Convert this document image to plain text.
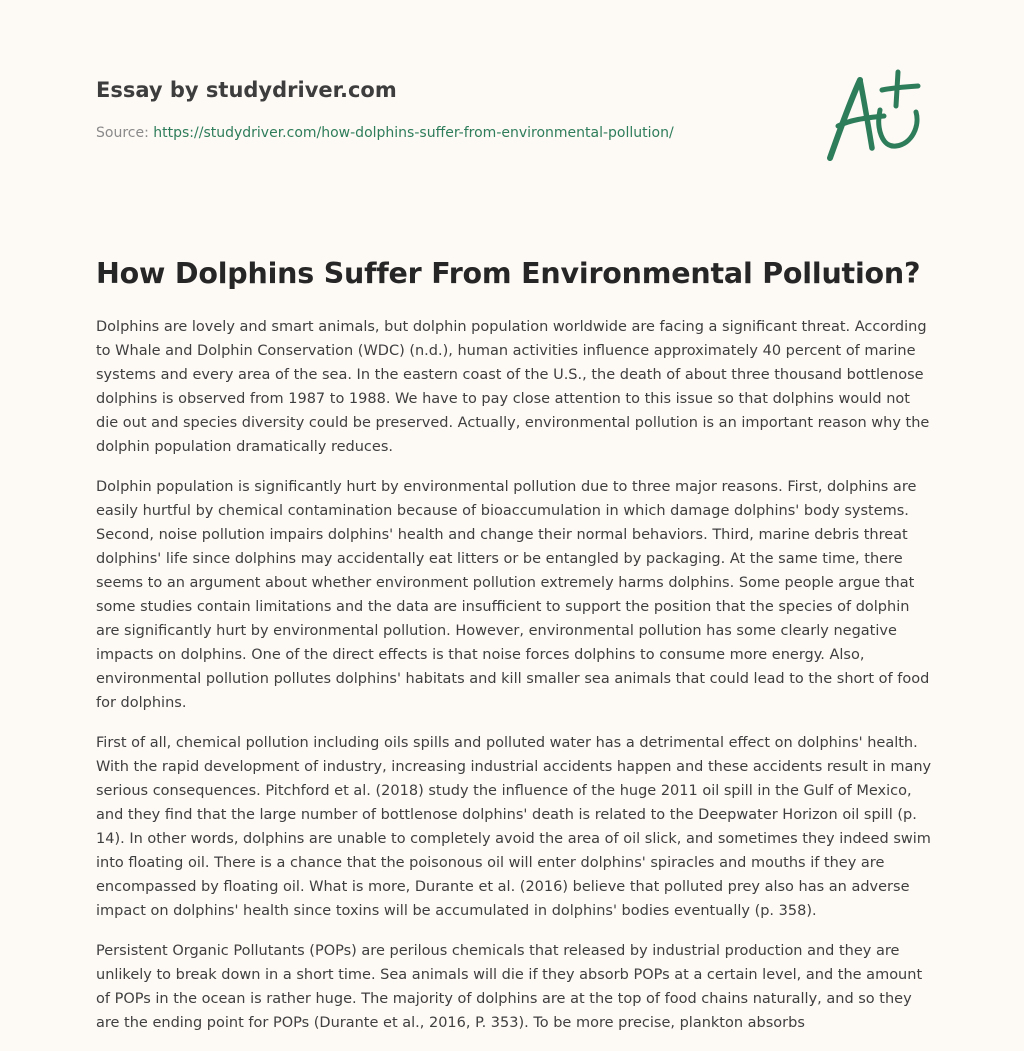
Essay by studydriver.com
Source: https://studydriver.com/how-dolphins-suffer-from-environmental-pollution/
How Dolphins Suffer From Environmental Pollution?

Dolphins are lovely and smart animals, but dolphin population worldwide are facing a significant threat. According to Whale and Dolphin Conservation (WDC) (n.d.), human activities influence approximately 40 percent of marine systems and every area of the sea. In the eastern coast of the U.S., the death of about three thousand bottlenose dolphins is observed from 1987 to 1988. We have to pay close attention to this issue so that dolphins would not die out and species diversity could be preserved. Actually, environmental pollution is an important reason why the dolphin population dramatically reduces.

Dolphin population is significantly hurt by environmental pollution due to three major reasons. First, dolphins are easily hurtful by chemical contamination because of bioaccumulation in which damage dolphins' body systems. Second, noise pollution impairs dolphins' health and change their normal behaviors. Third, marine debris threat dolphins' life since dolphins may accidentally eat litters or be entangled by packaging. At the same time, there seems to an argument about whether environment pollution extremely harms dolphins. Some people argue that some studies contain limitations and the data are insufficient to support the position that the species of dolphin are significantly hurt by environmental pollution. However, environmental pollution has some clearly negative impacts on dolphins. One of the direct effects is that noise forces dolphins to consume more energy. Also, environmental pollution pollutes dolphins' habitats and kill smaller sea animals that could lead to the short of food for dolphins.

First of all, chemical pollution including oils spills and polluted water has a detrimental effect on dolphins' health. With the rapid development of industry, increasing industrial accidents happen and these accidents result in many serious consequences. Pitchford et al. (2018) study the influence of the huge 2011 oil spill in the Gulf of Mexico, and they find that the large number of bottlenose dolphins' death is related to the Deepwater Horizon oil spill (p. 14). In other words, dolphins are unable to completely avoid the area of oil slick, and sometimes they indeed swim into floating oil. There is a chance that the poisonous oil will enter dolphins' spiracles and mouths if they are encompassed by floating oil. What is more, Durante et al. (2016) believe that polluted prey also has an adverse impact on dolphins' health since toxins will be accumulated in dolphins' bodies eventually (p. 358).

Persistent Organic Pollutants (POPs) are perilous chemicals that released by industrial production and they are unlikely to break down in a short time. Sea animals will die if they absorb POPs at a certain level, and the amount of POPs in the ocean is rather huge. The majority of dolphins are at the top of food chains naturally, and so they are the ending point for POPs (Durante et al., 2016, P. 353). To be more precise, plankton absorbs
